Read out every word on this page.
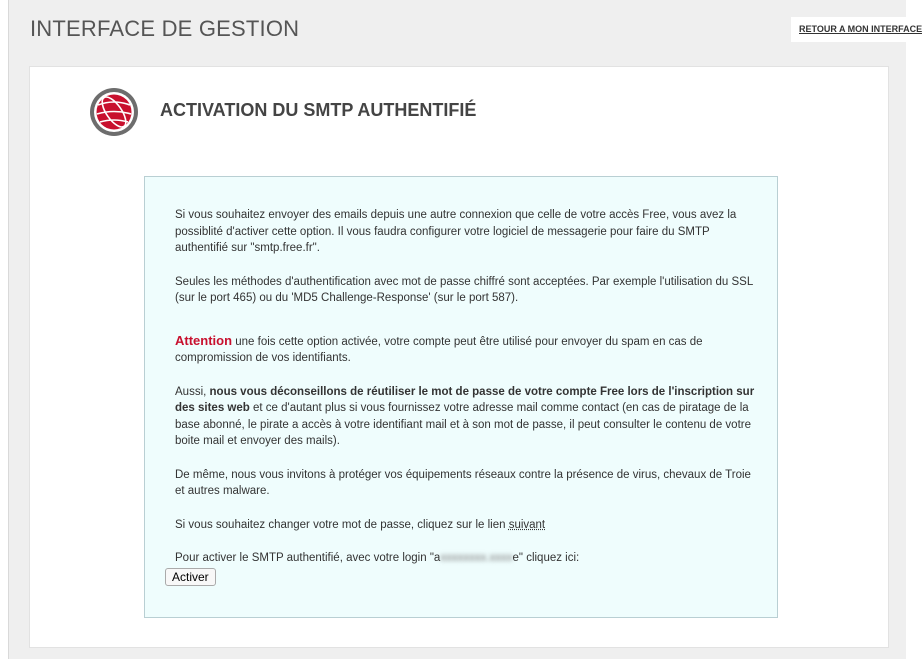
INTERFACE DE GESTION	RETOUR A MON INTERFACE
ACTIVATION DU SMTP AUTHENTIFIÉ

Si vous souhaitez envoyer des emails depuis une autre connexion que celle de votre accès Free, vous avez la possiblité d'activer cette option. Il vous faudra configurer votre logiciel de messagerie pour faire du SMTP authentifié sur "smtp.free.fr".

Seules les méthodes d'authentification avec mot de passe chiffré sont acceptées. Par exemple l'utilisation du SSL (sur le port 465) ou du 'MD5 Challenge-Response' (sur le port 587).

Attention une fois cette option activée, votre compte peut être utilisé pour envoyer du spam en cas de compromission de vos identifiants.

Aussi, nous vous déconseillons de réutiliser le mot de passe de votre compte Free lors de l'inscription sur des sites web et ce d'autant plus si vous fournissez votre adresse mail comme contact (en cas de piratage de la base abonné, le pirate a accès à votre identifiant mail et à son mot de passe, il peut consulter le contenu de votre boite mail et envoyer des mails).

De même, nous vous invitons à protéger vos équipements réseaux contre la présence de virus, chevaux de Troie et autres malware.

Si vous souhaitez changer votre mot de passe, cliquez sur le lien suivant

Pour activer le SMTP authentifié, avec votre login "axxxxxxxx.xxxxe" cliquez ici:

Activer
